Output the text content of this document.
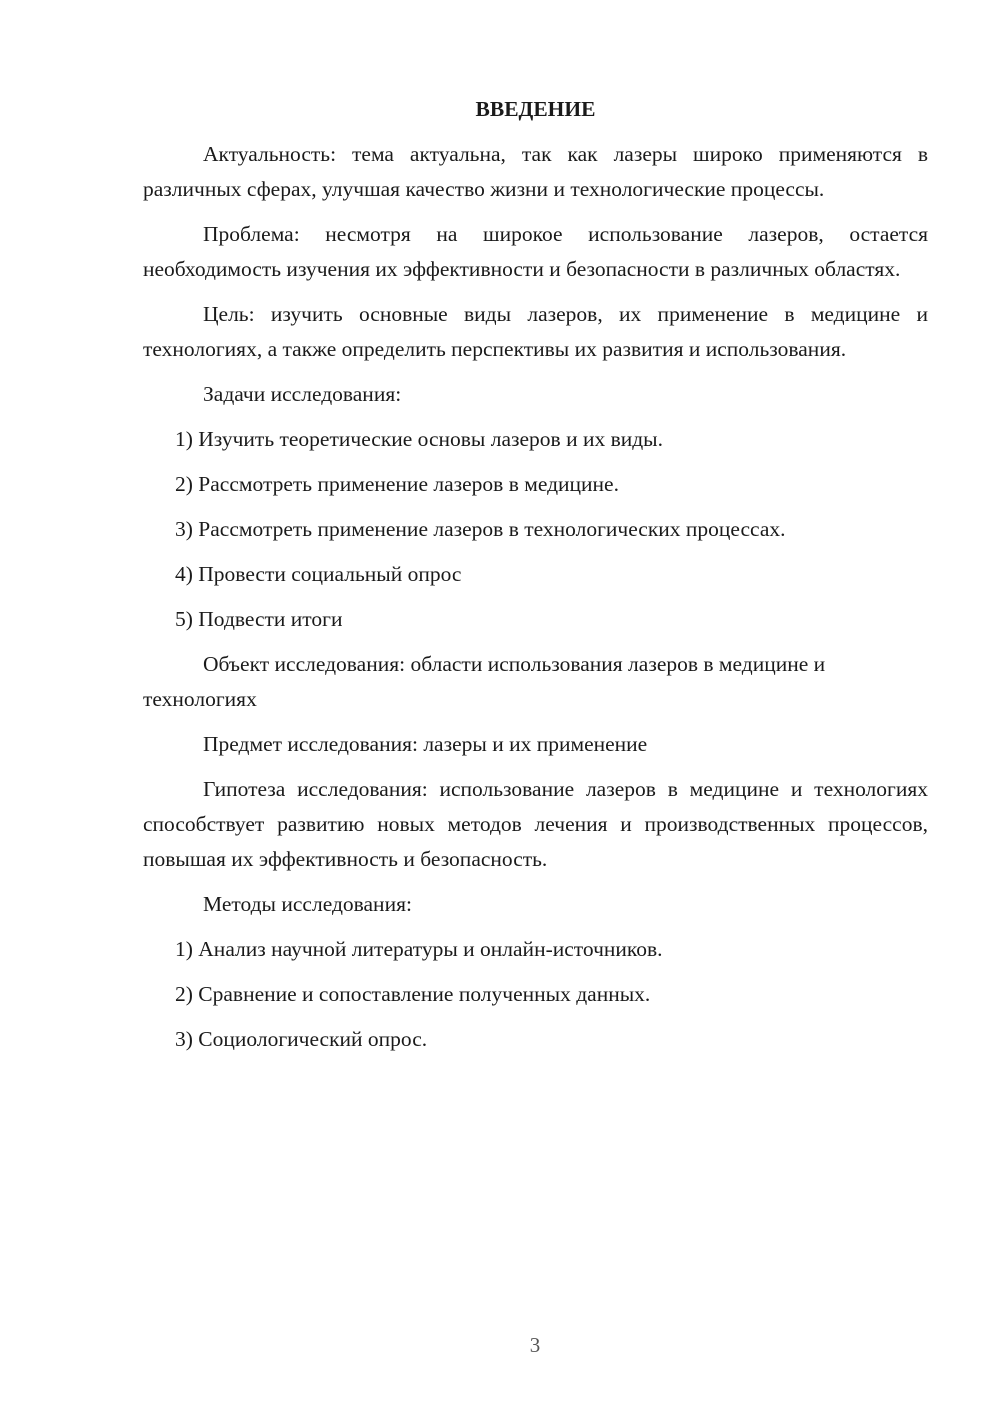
ВВЕДЕНИЕ

Актуальность: тема актуальна, так как лазеры широко применяются в различных сферах, улучшая качество жизни и технологические процессы.

Проблема: несмотря на широкое использование лазеров, остается необходимость изучения их эффективности и безопасности в различных областях.

Цель: изучить основные виды лазеров, их применение в медицине и технологиях, а также определить перспективы их развития и использования.

Задачи исследования:

1) Изучить теоретические основы лазеров и их виды.

2) Рассмотреть применение лазеров в медицине.

3) Рассмотреть применение лазеров в технологических процессах.

4) Провести социальный опрос

5) Подвести итоги

Объект исследования: области использования лазеров в медицине и технологиях

Предмет исследования: лазеры и их применение

Гипотеза исследования: использование лазеров в медицине и технологиях способствует развитию новых методов лечения и производственных процессов, повышая их эффективность и безопасность.

Методы исследования:

1) Анализ научной литературы и онлайн-источников.

2) Сравнение и сопоставление полученных данных.

3) Социологический опрос.

3
